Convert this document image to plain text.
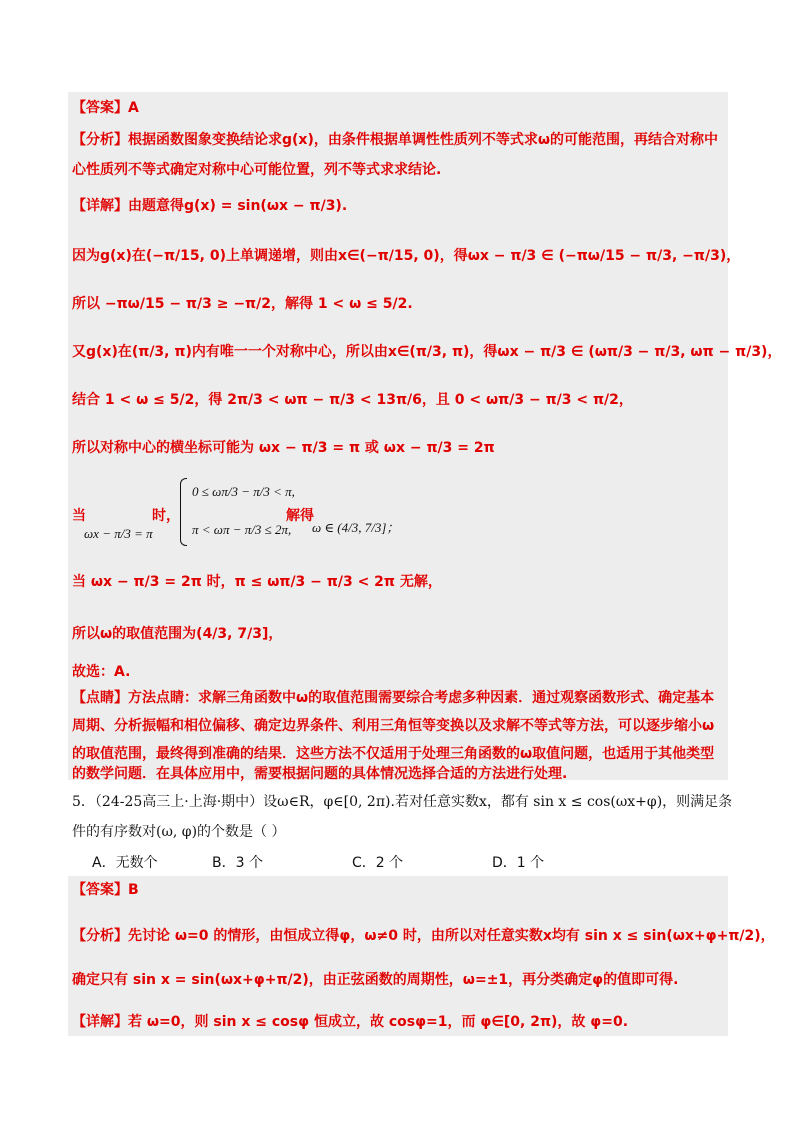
【答案】A
【分析】根据函数图象变换结论求g(x)，由条件根据单调性性质列不等式求ω的可能范围，再结合对称中
心性质列不等式确定对称中心可能位置，列不等式求求结论.
【详解】由题意得g(x) = sin(ωx − π/3).
因为g(x)在(−π/15, 0)上单调递增，则由x∈(−π/15, 0)，得ωx − π/3 ∈ (−πω/15 − π/3, −π/3)，
所以 −πω/15 − π/3 ≥ −π/2，解得 1 < ω ≤ 5/2.
又g(x)在(π/3, π)内有唯一一个对称中心，所以由x∈(π/3, π)，得ωx − π/3 ∈ (ωπ/3 − π/3, ωπ − π/3)，
结合 1 < ω ≤ 5/2，得 2π/3 < ωπ − π/3 < 13π/6，且 0 < ωπ/3 − π/3 < π/2，
所以对称中心的横坐标可能为 ωx − π/3 = π 或 ωx − π/3 = 2π
当
ωx − π/3 = π
时，
0 ≤ ωπ/3 − π/3 < π,
π < ωπ − π/3 ≤ 2π,
解得
ω ∈ (4/3, 7/3]；
当 ωx − π/3 = 2π 时，π ≤ ωπ/3 − π/3 < 2π 无解，
所以ω的取值范围为(4/3, 7/3]，
故选：A.
【点睛】方法点睛：求解三角函数中ω的取值范围需要综合考虑多种因素．通过观察函数形式、确定基本
周期、分析振幅和相位偏移、确定边界条件、利用三角恒等变换以及求解不等式等方法，可以逐步缩小ω
的取值范围，最终得到准确的结果．这些方法不仅适用于处理三角函数的ω取值问题，也适用于其他类型
的数学问题．在具体应用中，需要根据问题的具体情况选择合适的方法进行处理.
5．（24-25高三上·上海·期中）设ω∈R，φ∈[0, 2π).若对任意实数x，都有 sin x ≤ cos(ωx+φ)，则满足条
件的有序数对(ω, φ)的个数是（ ）
A．无数个	B．3 个	C．2 个	D．1 个
【答案】B
【分析】先讨论 ω=0 的情形，由恒成立得φ，ω≠0 时，由所以对任意实数x均有 sin x ≤ sin(ωx+φ+π/2)，
确定只有 sin x = sin(ωx+φ+π/2)，由正弦函数的周期性，ω=±1，再分类确定φ的值即可得.
【详解】若 ω=0，则 sin x ≤ cosφ 恒成立，故 cosφ=1，而 φ∈[0, 2π)，故 φ=0.
